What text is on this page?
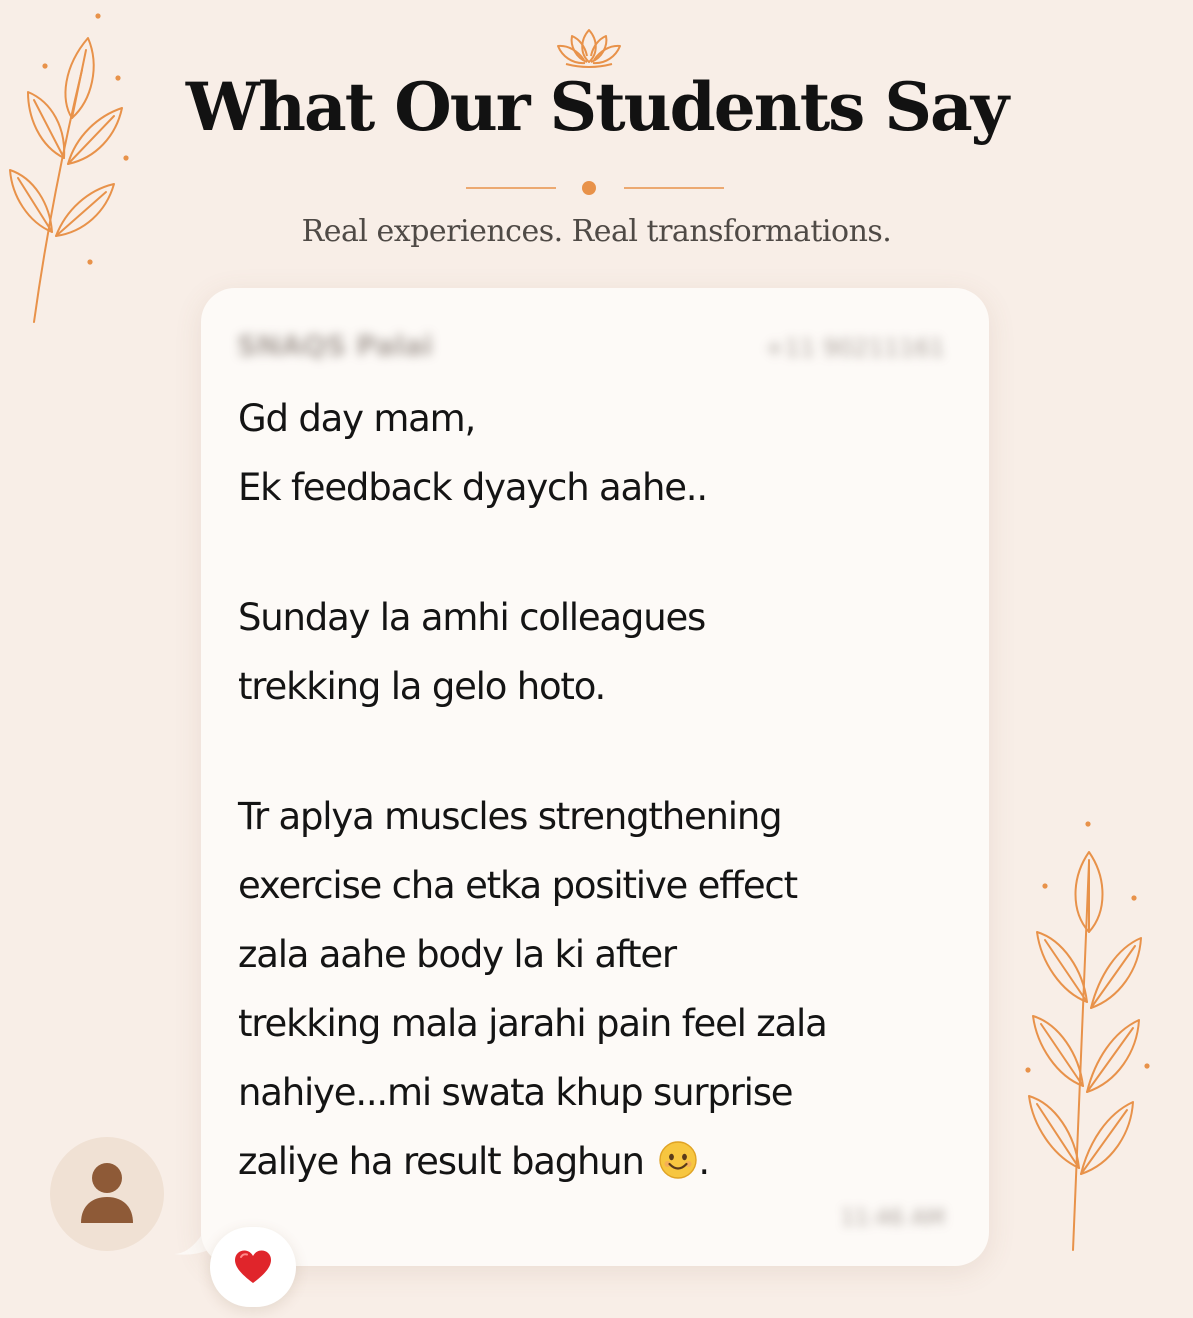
What Our Students Say
Real experiences. Real transformations.
SNAQS Palai	+11 90211161
Gd day mam,
Ek feedback dyaych aahe..
Sunday la amhi colleagues
trekking la gelo hoto.
Tr aplya muscles strengthening
exercise cha etka positive effect
zala aahe body la ki after
trekking mala jarahi pain feel zala
nahiye...mi swata khup surprise
zaliye ha result baghun .
11:46 AM
